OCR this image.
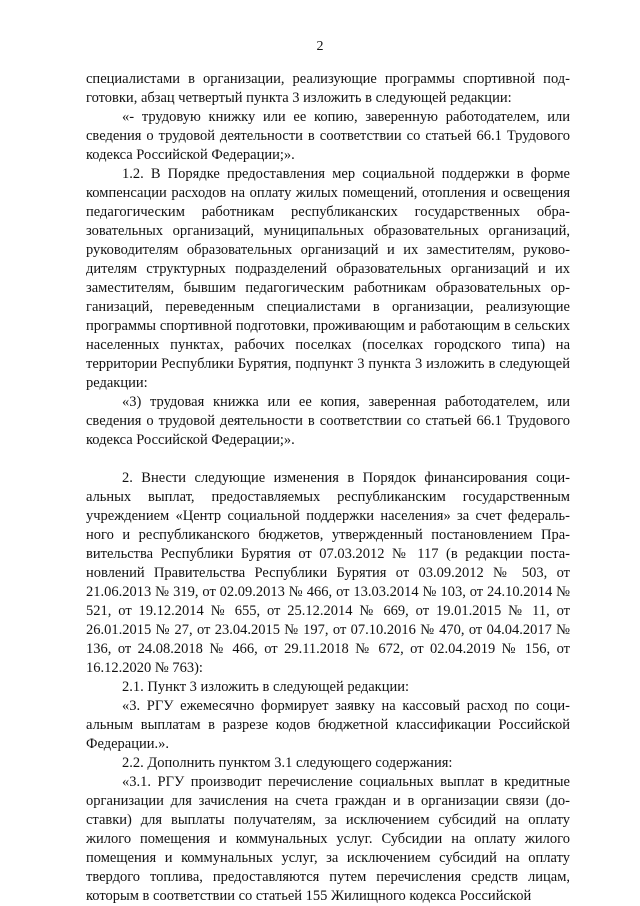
2

специалистами в организации, реализующие программы спортивной подготовки, абзац четвертый пункта 3 изложить в следующей редакции:

«- трудовую книжку или ее копию, заверенную работодателем, или сведения о трудовой деятельности в соответствии со статьей 66.1 Трудового кодекса Российской Федерации;».

1.2. В Порядке предоставления мер социальной поддержки в форме компенсации расходов на оплату жилых помещений, отопления и освещения педагогическим работникам республиканских государственных образовательных организаций, муниципальных образовательных организаций, руководителям образовательных организаций и их заместителям, руководителям структурных подразделений образовательных организаций и их заместителям, бывшим педагогическим работникам образовательных организаций, переведенным специалистами в организации, реализующие программы спортивной подготовки, проживающим и работающим в сельских населенных пунктах, рабочих поселках (поселках городского типа) на территории Республики Бурятия, подпункт 3 пункта 3 изложить в следующей редакции:

«3) трудовая книжка или ее копия, заверенная работодателем, или сведения о трудовой деятельности в соответствии со статьей 66.1 Трудового кодекса Российской Федерации;».

2. Внести следующие изменения в Порядок финансирования социальных выплат, предоставляемых республиканским государственным учреждением «Центр социальной поддержки населения» за счет федерального и республиканского бюджетов, утвержденный постановлением Правительства Республики Бурятия от 07.03.2012 № 117 (в редакции постановлений Правительства Республики Бурятия от 03.09.2012 № 503, от 21.06.2013 № 319, от 02.09.2013 № 466, от 13.03.2014 № 103, от 24.10.2014 № 521, от 19.12.2014 № 655, от 25.12.2014 № 669, от 19.01.2015 № 11, от 26.01.2015 № 27, от 23.04.2015 № 197, от 07.10.2016 № 470, от 04.04.2017 № 136, от 24.08.2018 № 466, от 29.11.2018 № 672, от 02.04.2019 № 156, от 16.12.2020 № 763):

2.1. Пункт 3 изложить в следующей редакции:

«3. РГУ ежемесячно формирует заявку на кассовый расход по социальным выплатам в разрезе кодов бюджетной классификации Российской Федерации.».

2.2. Дополнить пунктом 3.1 следующего содержания:

«3.1. РГУ производит перечисление социальных выплат в кредитные организации для зачисления на счета граждан и в организации связи (доставки) для выплаты получателям, за исключением субсидий на оплату жилого помещения и коммунальных услуг. Субсидии на оплату жилого помещения и коммунальных услуг, за исключением субсидий на оплату твердого топлива, предоставляются путем перечисления средств лицам, которым в соответствии со статьей 155 Жилищного кодекса Российской
